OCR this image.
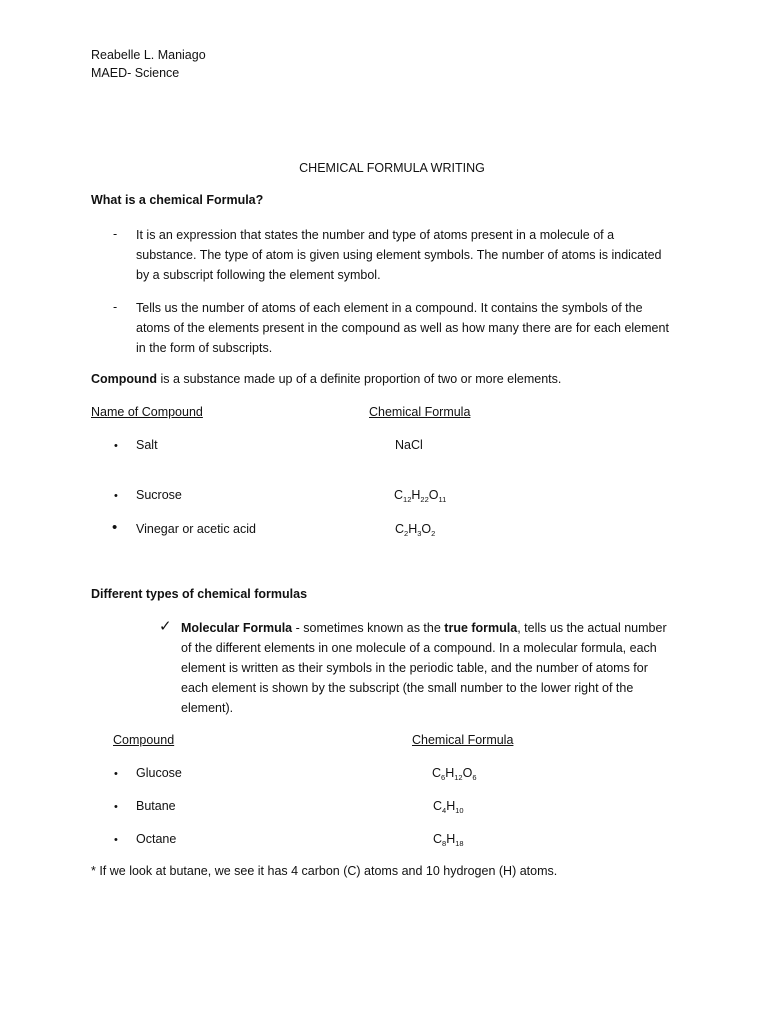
Reabelle L. Maniago
MAED- Science
CHEMICAL FORMULA WRITING
What is a chemical Formula?
- It is an expression that states the number and type of atoms present in a molecule of a substance. The type of atom is given using element symbols. The number of atoms is indicated by a subscript following the element symbol.
- Tells us the number of atoms of each element in a compound. It contains the symbols of the atoms of the elements present in the compound as well as how many there are for each element in the form of subscripts.
Compound is a substance made up of a definite proportion of two or more elements.
Name of Compound	Chemical Formula
• Salt	NaCl
• Sucrose	$C_{12}H_{22}O_{11}$
• Vinegar or acetic acid	$C_2H_3O_2$
Different types of chemical formulas
✓ Molecular Formula - sometimes known as the true formula, tells us the actual number of the different elements in one molecule of a compound. In a molecular formula, each element is written as their symbols in the periodic table, and the number of atoms for each element is shown by the subscript (the small number to the lower right of the element).
Compound	Chemical Formula
• Glucose	$C_6H_{12}O_6$
• Butane	$C_4H_{10}$
• Octane	$C_8H_{18}$
* If we look at butane, we see it has 4 carbon (C) atoms and 10 hydrogen (H) atoms.
